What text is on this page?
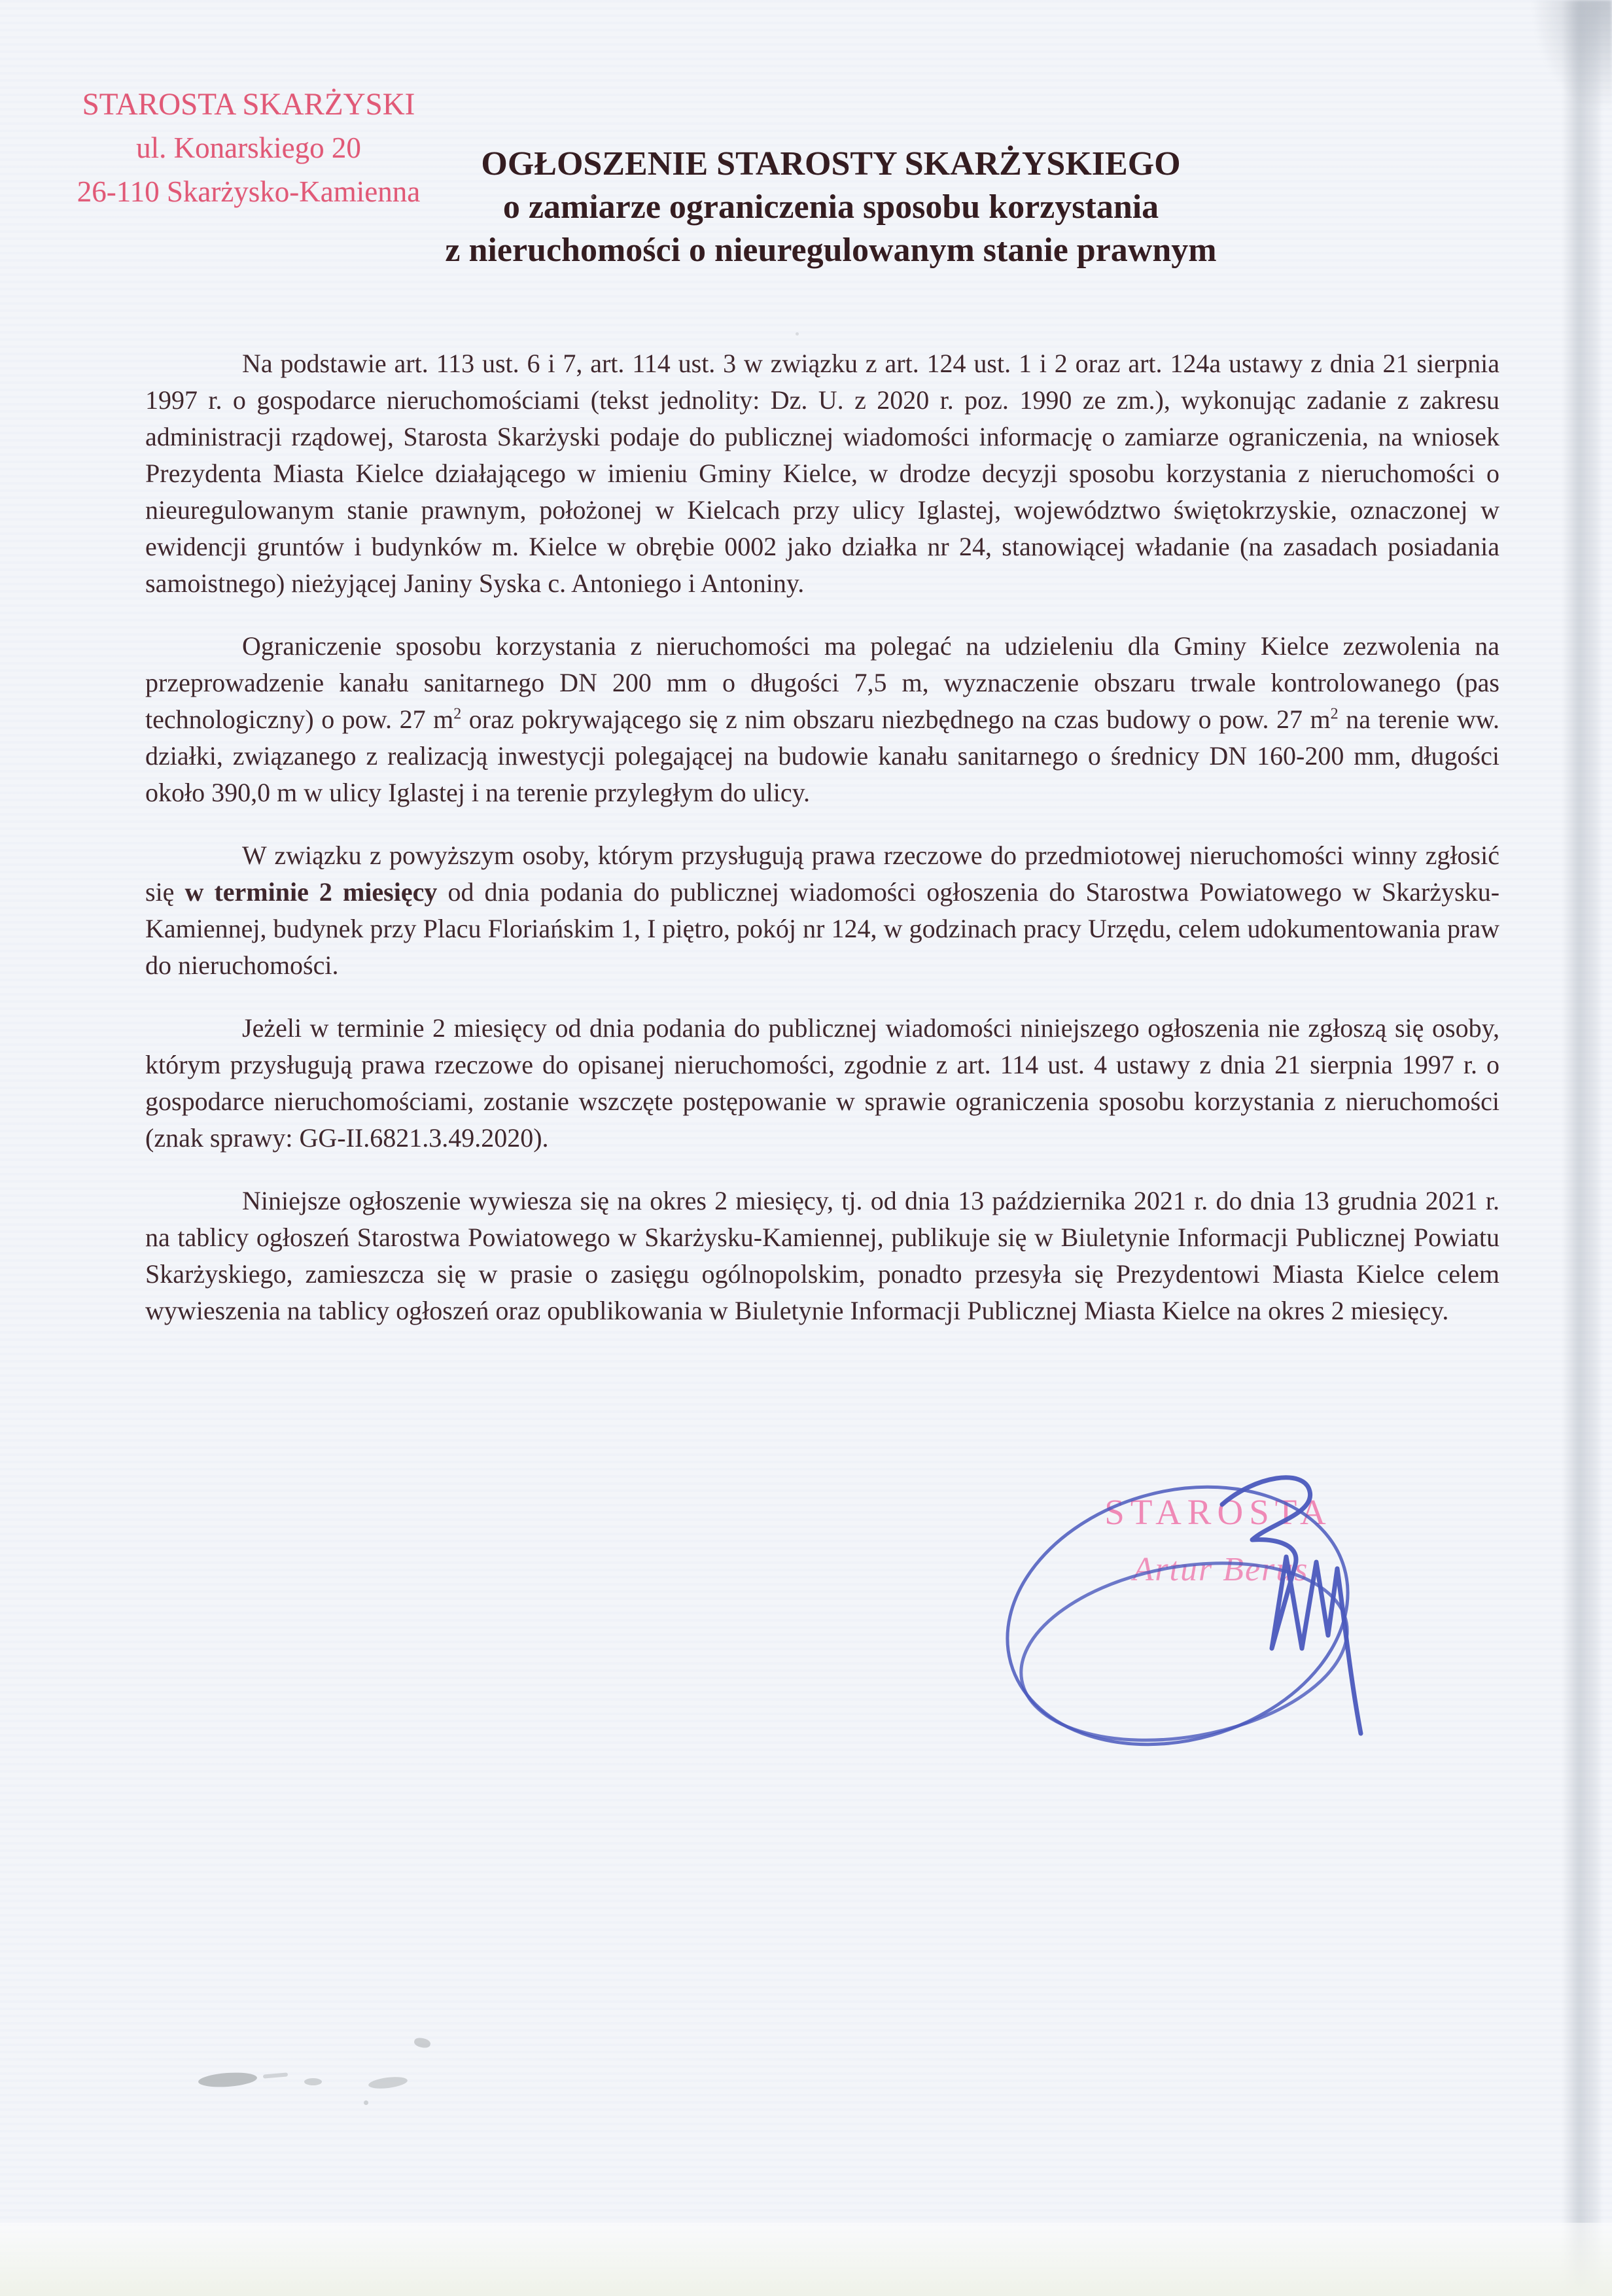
STAROSTA SKARŻYSKI
ul. Konarskiego 20
26-110 Skarżysko-Kamienna
OGŁOSZENIE STAROSTY SKARŻYSKIEGO
o zamiarze ograniczenia sposobu korzystania
z nieruchomości o nieuregulowanym stanie prawnym

Na podstawie art. 113 ust. 6 i 7, art. 114 ust. 3 w związku z art. 124 ust. 1 i 2 oraz art. 124a ustawy z dnia 21 sierpnia 1997 r. o gospodarce nieruchomościami (tekst jednolity: Dz. U. z 2020 r. poz. 1990 ze zm.), wykonując zadanie z zakresu administracji rządowej, Starosta Skarżyski podaje do publicznej wiadomości informację o zamiarze ograniczenia, na wniosek Prezydenta Miasta Kielce działającego w imieniu Gminy Kielce, w drodze decyzji sposobu korzystania z nieruchomości o nieuregulowanym stanie prawnym, położonej w Kielcach przy ulicy Iglastej, województwo świętokrzyskie, oznaczonej w ewidencji gruntów i budynków m. Kielce w obrębie 0002 jako działka nr 24, stanowiącej władanie (na zasadach posiadania samoistnego) nieżyjącej Janiny Syska c. Antoniego i Antoniny.

Ograniczenie sposobu korzystania z nieruchomości ma polegać na udzieleniu dla Gminy Kielce zezwolenia na przeprowadzenie kanału sanitarnego DN 200 mm o długości 7,5 m, wyznaczenie obszaru trwale kontrolowanego (pas technologiczny) o pow. 27 $m^2$ oraz pokrywającego się z nim obszaru niezbędnego na czas budowy o pow. 27 $m^2$ na terenie ww. działki, związanego z realizacją inwestycji polegającej na budowie kanału sanitarnego o średnicy DN 160-200 mm, długości około 390,0 m w ulicy Iglastej i na terenie przyległym do ulicy.

W związku z powyższym osoby, którym przysługują prawa rzeczowe do przedmiotowej nieruchomości winny zgłosić się w terminie 2 miesięcy od dnia podania do publicznej wiadomości ogłoszenia do Starostwa Powiatowego w Skarżysku-Kamiennej, budynek przy Placu Floriańskim 1, I piętro, pokój nr 124, w godzinach pracy Urzędu, celem udokumentowania praw do nieruchomości.

Jeżeli w terminie 2 miesięcy od dnia podania do publicznej wiadomości niniejszego ogłoszenia nie zgłoszą się osoby, którym przysługują prawa rzeczowe do opisanej nieruchomości, zgodnie z art. 114 ust. 4 ustawy z dnia 21 sierpnia 1997 r. o gospodarce nieruchomościami, zostanie wszczęte postępowanie w sprawie ograniczenia sposobu korzystania z nieruchomości (znak sprawy: GG-II.6821.3.49.2020).

Niniejsze ogłoszenie wywiesza się na okres 2 miesięcy, tj. od dnia 13 października 2021 r. do dnia 13 grudnia 2021 r. na tablicy ogłoszeń Starostwa Powiatowego w Skarżysku-Kamiennej, publikuje się w Biuletynie Informacji Publicznej Powiatu Skarżyskiego, zamieszcza się w prasie o zasięgu ogólnopolskim, ponadto przesyła się Prezydentowi Miasta Kielce celem wywieszenia na tablicy ogłoszeń oraz opublikowania w Biuletynie Informacji Publicznej Miasta Kielce na okres 2 miesięcy.

STAROSTA
Artur Berus
